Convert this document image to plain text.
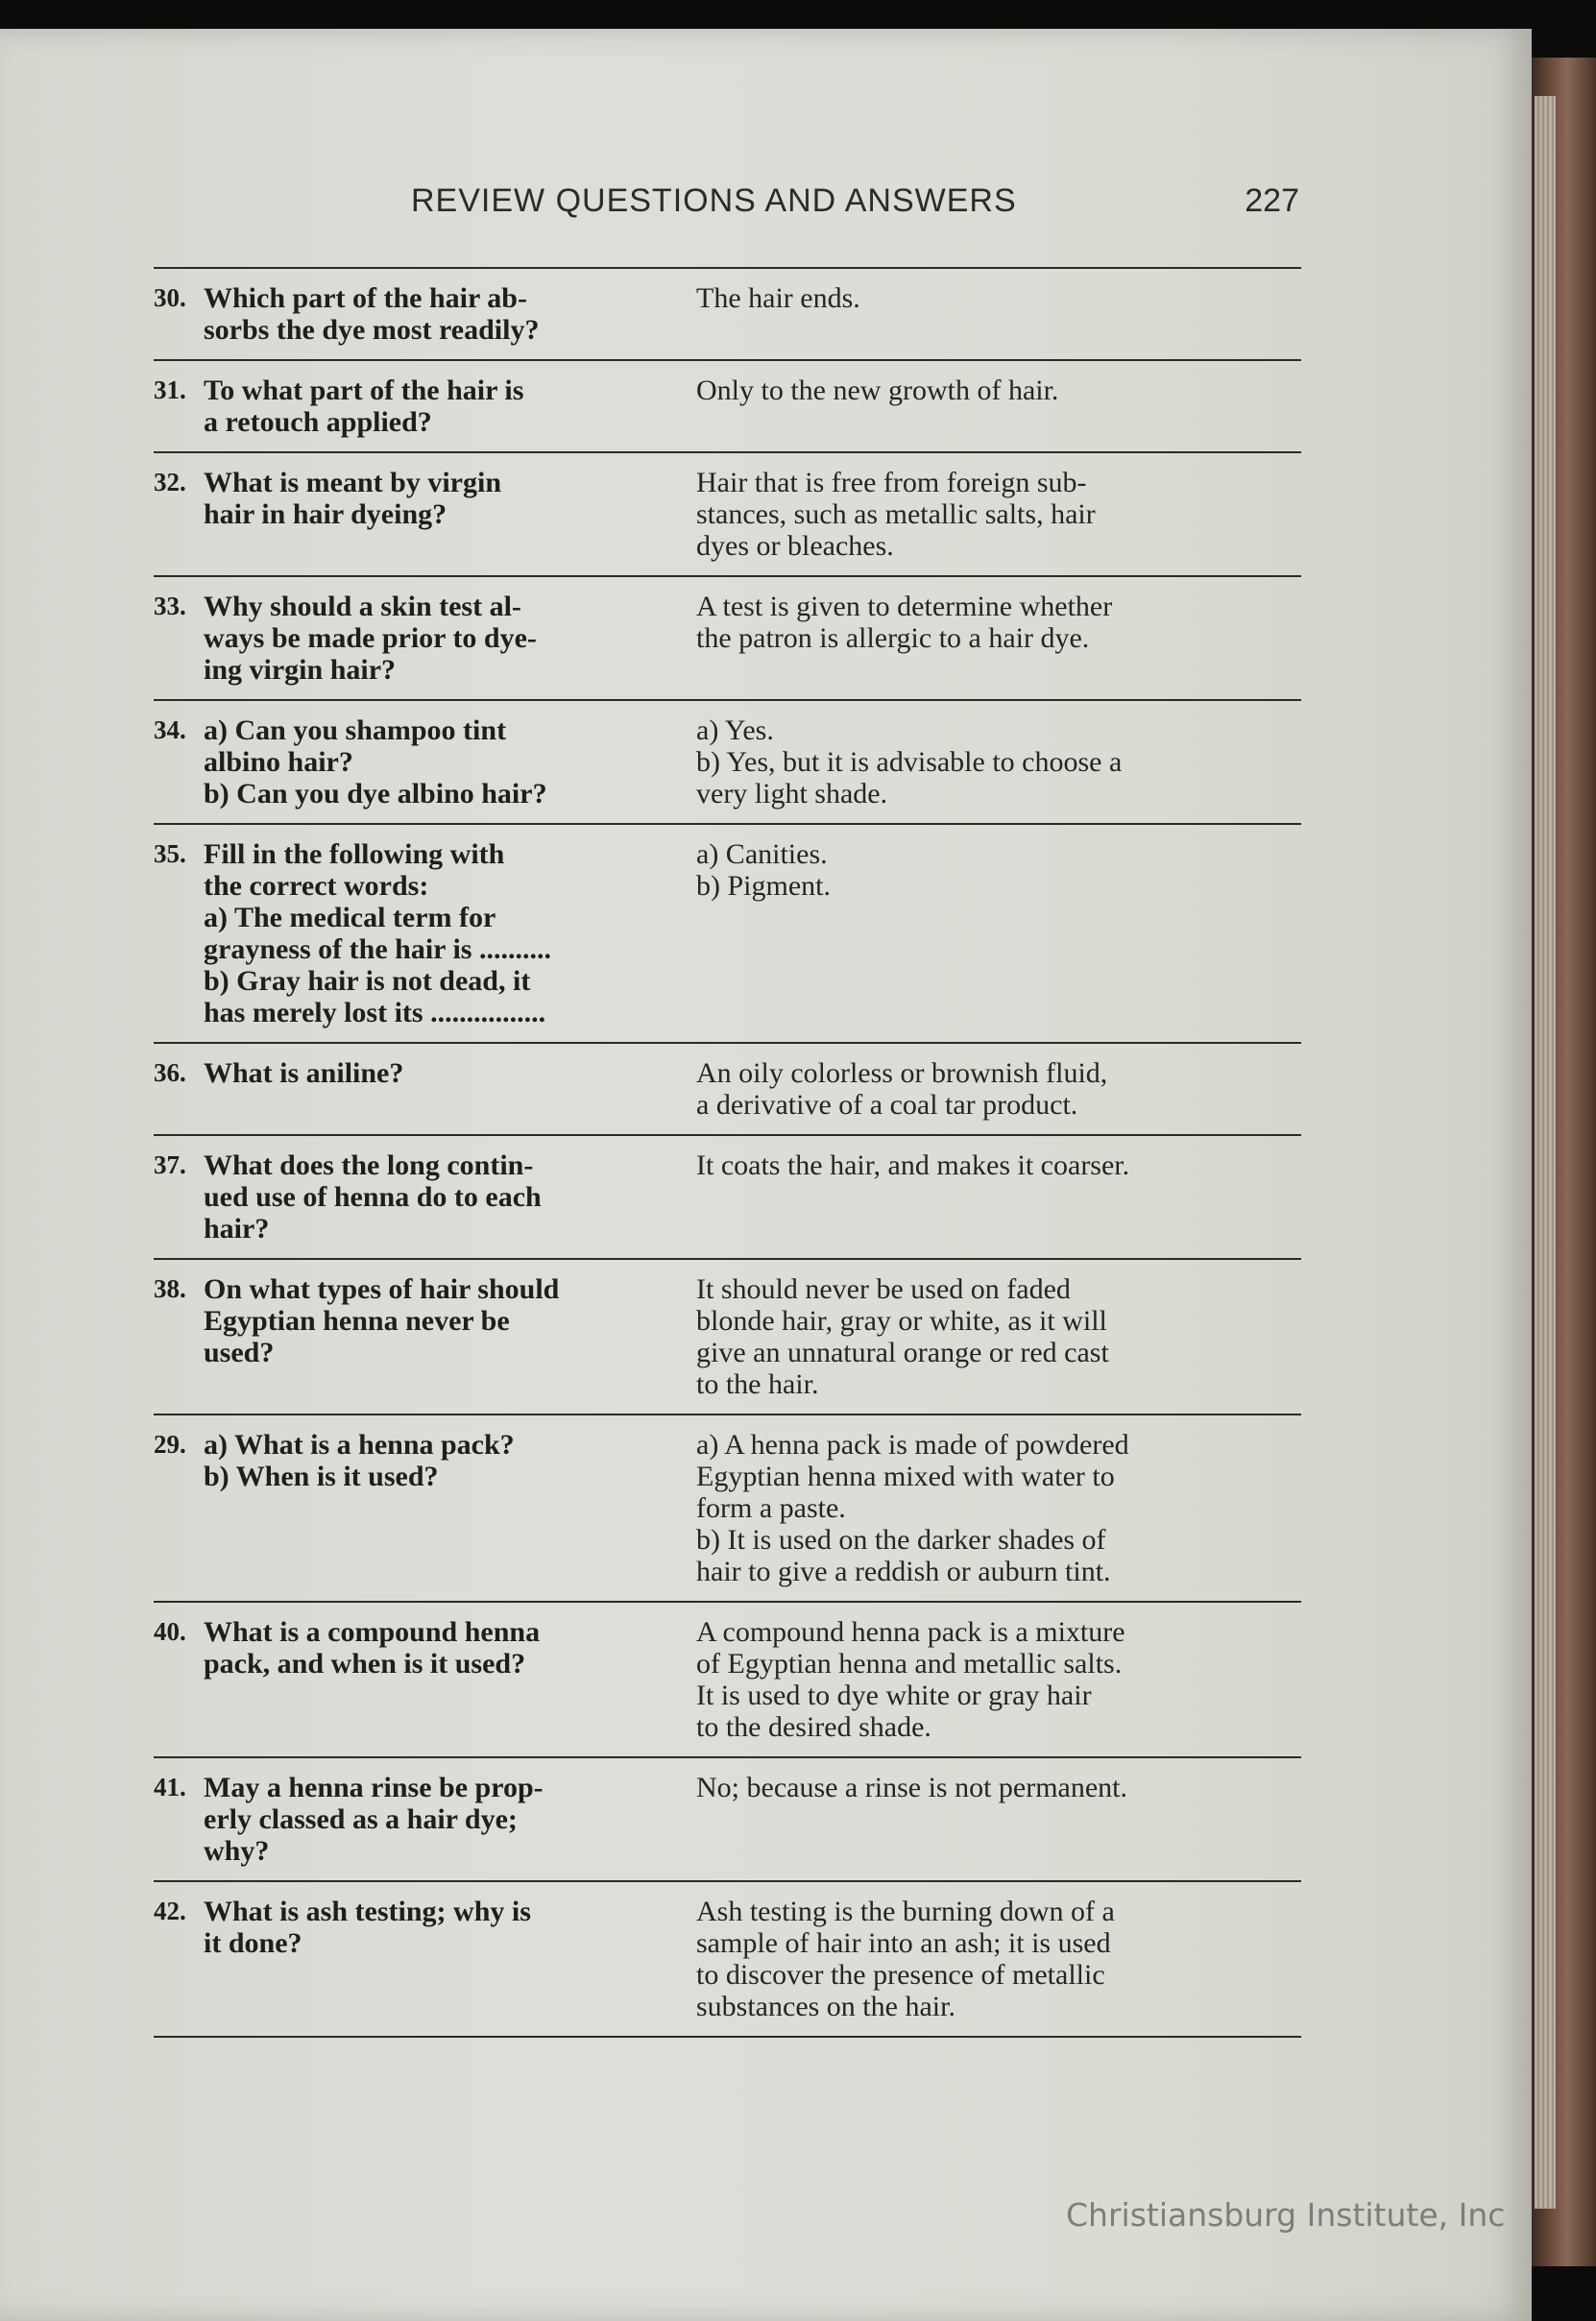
REVIEW QUESTIONS AND ANSWERS	227
30. Which part of the hair ab-
sorbs the dye most readily?
The hair ends.
31. To what part of the hair is
a retouch applied?
Only to the new growth of hair.
32. What is meant by virgin
hair in hair dyeing?
Hair that is free from foreign sub-
stances, such as metallic salts, hair
dyes or bleaches.
33. Why should a skin test al-
ways be made prior to dye-
ing virgin hair?
A test is given to determine whether
the patron is allergic to a hair dye.
34. a) Can you shampoo tint
albino hair?
b) Can you dye albino hair?
a) Yes.
b) Yes, but it is advisable to choose a
very light shade.
35. Fill in the following with
the correct words:
a) The medical term for
grayness of the hair is ..........
b) Gray hair is not dead, it
has merely lost its ................
a) Canities.
b) Pigment.
36. What is aniline?	An oily colorless or brownish fluid,
a derivative of a coal tar product.
37. What does the long contin-
ued use of henna do to each
hair?
It coats the hair, and makes it coarser.
38. On what types of hair should
Egyptian henna never be
used?
It should never be used on faded
blonde hair, gray or white, as it will
give an unnatural orange or red cast
to the hair.
29. a) What is a henna pack?
b) When is it used?
a) A henna pack is made of powdered
Egyptian henna mixed with water to
form a paste.
b) It is used on the darker shades of
hair to give a reddish or auburn tint.
40. What is a compound henna
pack, and when is it used?
A compound henna pack is a mixture
of Egyptian henna and metallic salts.
It is used to dye white or gray hair
to the desired shade.
41. May a henna rinse be prop-
erly classed as a hair dye;
why?
No; because a rinse is not permanent.
42. What is ash testing; why is
it done?
Ash testing is the burning down of a
sample of hair into an ash; it is used
to discover the presence of metallic
substances on the hair.
Christiansburg Institute, Inc
